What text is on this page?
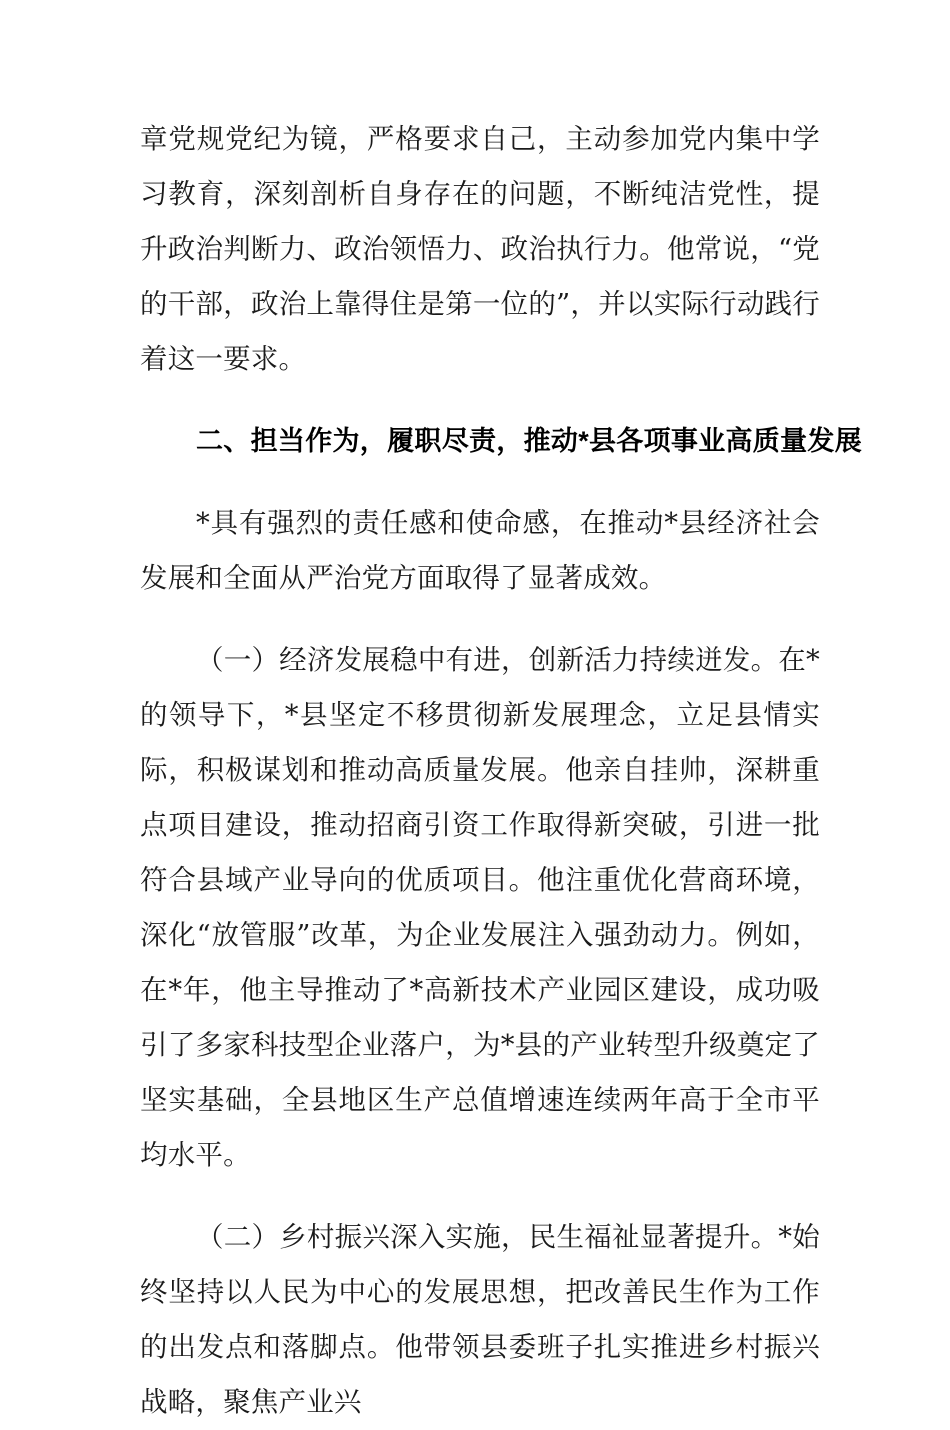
章党规党纪为镜，严格要求自己，主动参加党内集中学习教育，深刻剖析自身存在的问题，不断纯洁党性，提升政治判断力、政治领悟力、政治执行力。他常说，“党的干部，政治上靠得住是第一位的”，并以实际行动践行着这一要求。

二、担当作为，履职尽责，推动*县各项事业高质量发展

*具有强烈的责任感和使命感，在推动*县经济社会发展和全面从严治党方面取得了显著成效。

（一）经济发展稳中有进，创新活力持续迸发。在*的领导下，*县坚定不移贯彻新发展理念，立足县情实际，积极谋划和推动高质量发展。他亲自挂帅，深耕重点项目建设，推动招商引资工作取得新突破，引进一批符合县域产业导向的优质项目。他注重优化营商环境，深化“放管服”改革，为企业发展注入强劲动力。例如，在*年，他主导推动了*高新技术产业园区建设，成功吸引了多家科技型企业落户，为*县的产业转型升级奠定了坚实基础，全县地区生产总值增速连续两年高于全市平均水平。

（二）乡村振兴深入实施，民生福祉显著提升。*始终坚持以人民为中心的发展思想，把改善民生作为工作的出发点和落脚点。他带领县委班子扎实推进乡村振兴战略，聚焦产业兴
